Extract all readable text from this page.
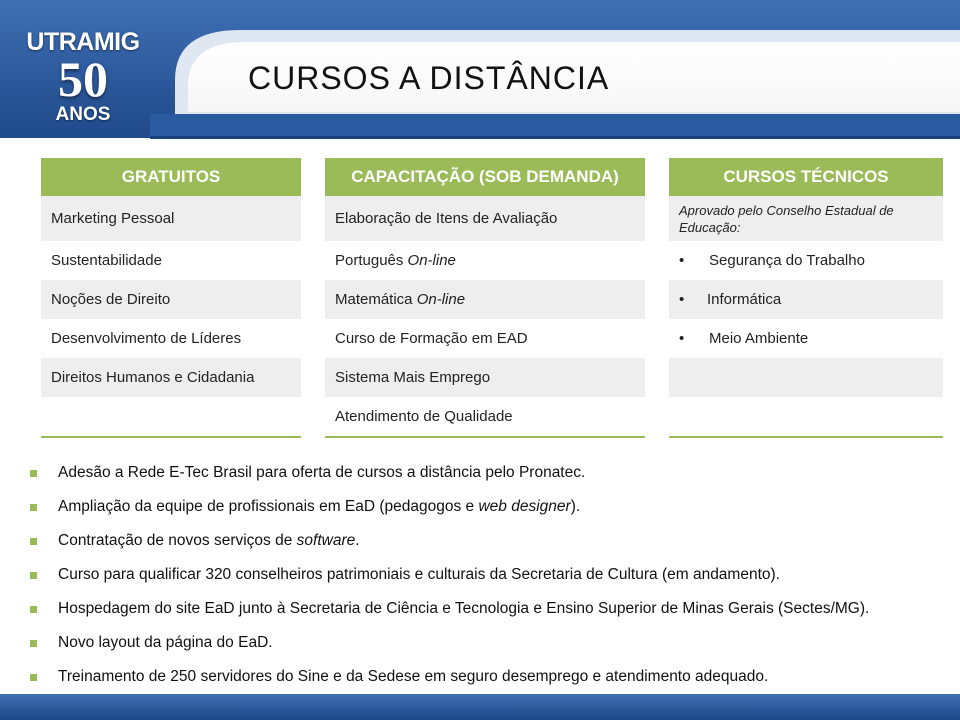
UTRAMIG
50
ANOS
CURSOS A DISTÂNCIA
GRATUITOS
Marketing Pessoal
Sustentabilidade
Noções de Direito
Desenvolvimento de Líderes
Direitos Humanos e Cidadania
CAPACITAÇÃO (SOB DEMANDA)
Elaboração de Itens de Avaliação
Português On-line
Matemática On-line
Curso de Formação em EAD
Sistema Mais Emprego
Atendimento de Qualidade
CURSOS TÉCNICOS
Aprovado pelo Conselho Estadual de Educação:
•	Segurança do Trabalho
•	Informática
•	Meio Ambiente
Adesão a Rede E-Tec Brasil para oferta de cursos a distância pelo Pronatec.
Ampliação da equipe de profissionais em EaD (pedagogos e web designer ).
Contratação de novos serviços de software .
Curso para qualificar 320 conselheiros patrimoniais e culturais da Secretaria de Cultura (em andamento).
Hospedagem do site EaD junto à Secretaria de Ciência e Tecnologia e Ensino Superior de Minas Gerais (Sectes/MG).
Novo layout da página do EaD.
Treinamento de 250 servidores do Sine e da Sedese em seguro desemprego e atendimento adequado.
